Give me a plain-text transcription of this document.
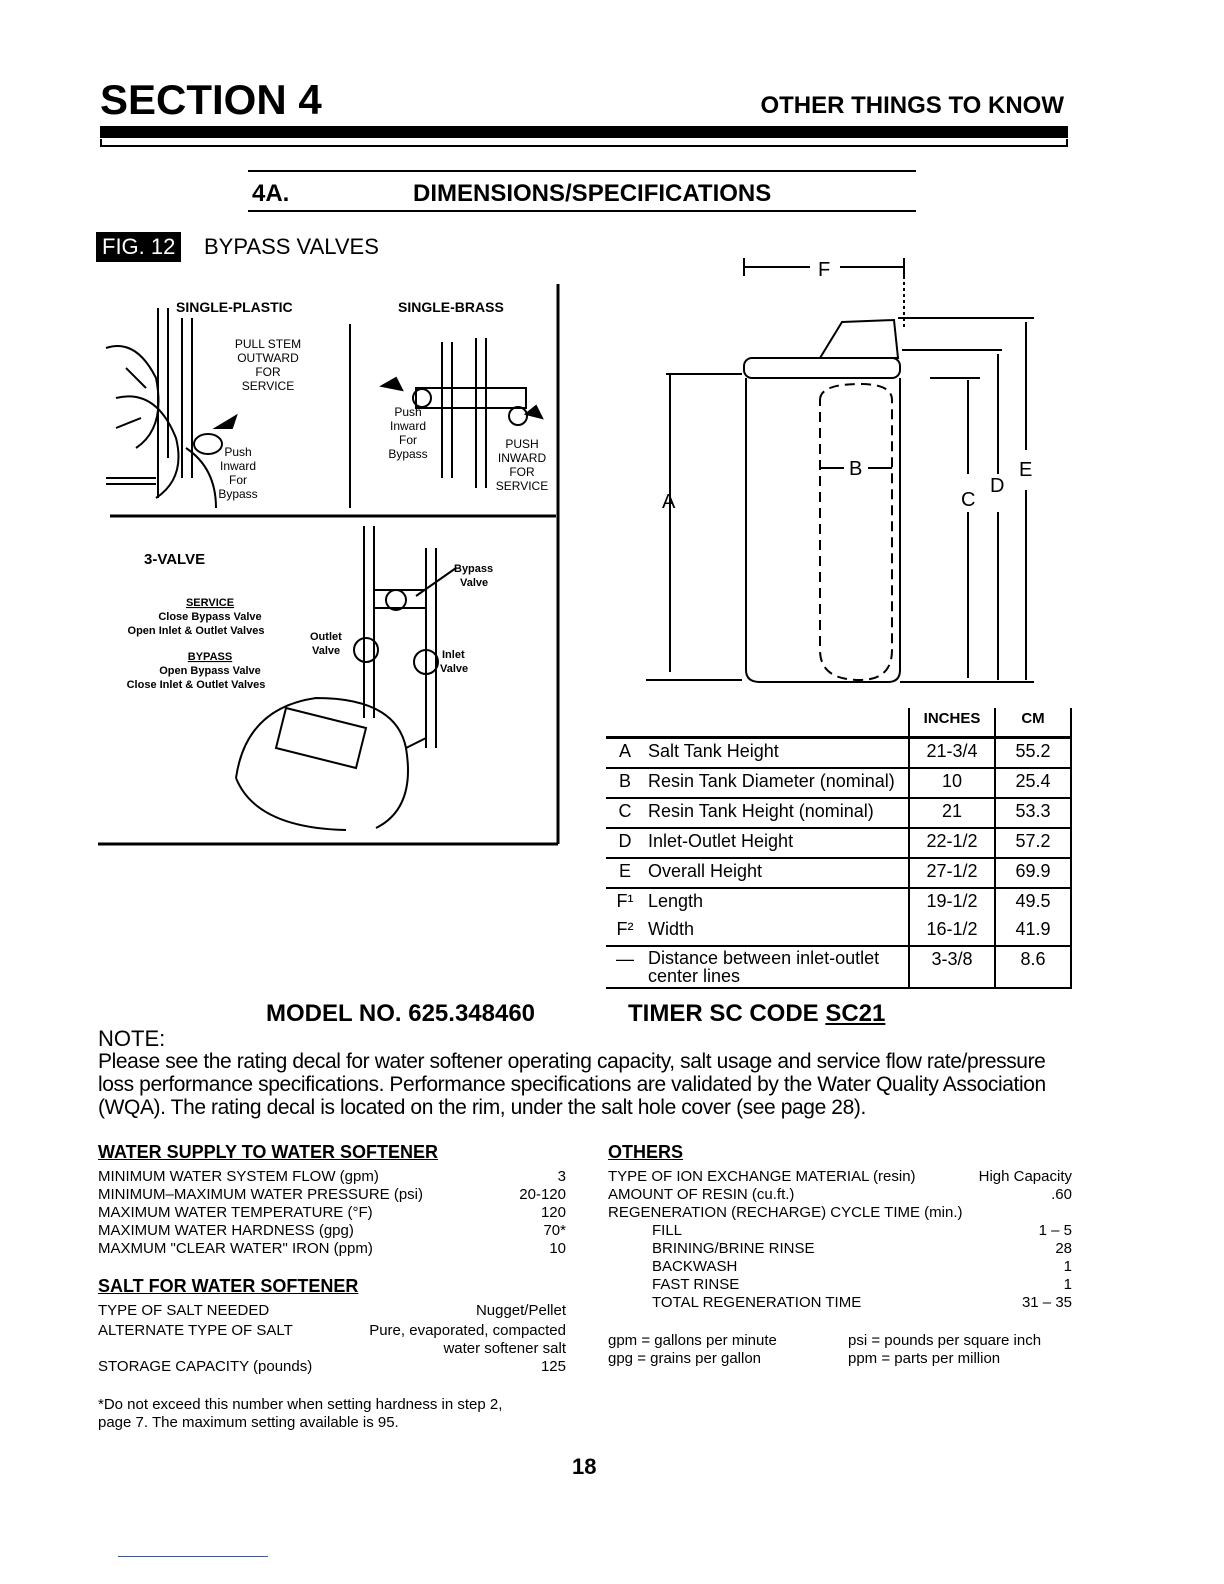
SECTION 4	OTHER THINGS TO KNOW
4A.	DIMENSIONS/SPECIFICATIONS
FIG. 12 BYPASS VALVES
SINGLE-PLASTIC	SINGLE-BRASS
PULL STEM
OUTWARD
FOR
SERVICE
Push
Inward
For
Bypass
Push
Inward
For
Bypass
PUSH
INWARD
FOR
SERVICE
3-VALVE
SERVICE
Close Bypass Valve
Open Inlet & Outlet Valves
BYPASS
Open Bypass Valve
Close Inlet & Outlet Valves
Bypass
Valve
Outlet
Valve	Inlet
Valve
F
B
A	C
D
E
		INCHES	CM
A	Salt Tank Height	21-3/4	55.2
B	Resin Tank Diameter (nominal)	10	25.4
C	Resin Tank Height (nominal)	21	53.3
D	Inlet-Outlet Height	22-1/2	57.2
E	Overall Height	27-1/2	69.9
F¹	Length	19-1/2	49.5
F²	Width	16-1/2	41.9
—	Distance between inlet-outlet center lines	3-3/8	8.6
MODEL NO. 625.348460	TIMER SC CODE SC21
NOTE:
Please see the rating decal for water softener operating capacity, salt usage and service flow rate/pressure loss performance specifications. Performance specifications are validated by the Water Quality Association (WQA). The rating decal is located on the rim, under the salt hole cover (see page 28).
WATER SUPPLY TO WATER SOFTENER
MINIMUM WATER SYSTEM FLOW (gpm)	3
MINIMUM–MAXIMUM WATER PRESSURE (psi)	20-120
MAXIMUM WATER TEMPERATURE (°F)	120
MAXIMUM WATER HARDNESS (gpg)	70*
MAXMUM "CLEAR WATER" IRON (ppm)	10
SALT FOR WATER SOFTENER
TYPE OF SALT NEEDED	Nugget/Pellet
ALTERNATE TYPE OF SALT	Pure, evaporated, compacted
water softener salt
STORAGE CAPACITY (pounds)	125
*Do not exceed this number when setting hardness in step 2,
page 7. The maximum setting available is 95.
OTHERS
TYPE OF ION EXCHANGE MATERIAL (resin)	High Capacity
AMOUNT OF RESIN (cu.ft.)	.60
REGENERATION (RECHARGE) CYCLE TIME (min.)
FILL	1 – 5
BRINING/BRINE RINSE	28
BACKWASH	1
FAST RINSE	1
TOTAL REGENERATION TIME	31 – 35
gpm = gallons per minute
gpg = grains per gallon
psi = pounds per square inch
ppm = parts per million
18
